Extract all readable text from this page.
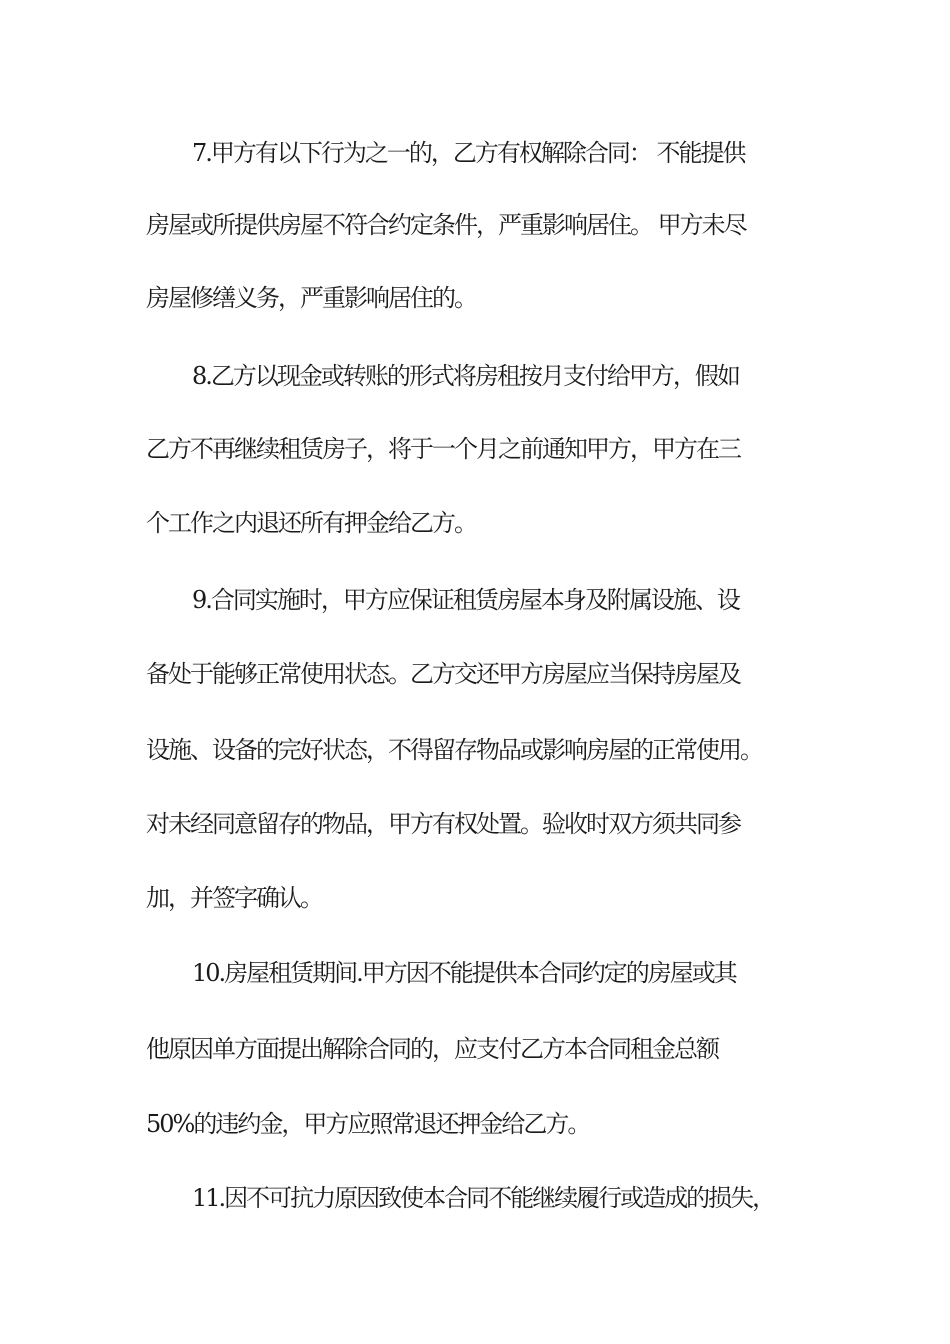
7.甲方有以下行为之一的，乙方有权解除合同： 不能提供
房屋或所提供房屋不符合约定条件，严重影响居住。 甲方未尽
房屋修缮义务，严重影响居住的。
8.乙方以现金或转账的形式将房租按月支付给甲方，假如
乙方不再继续租赁房子，将于一个月之前通知甲方，甲方在三
个工作之内退还所有押金给乙方。
9.合同实施时，甲方应保证租赁房屋本身及附属设施、设
备处于能够正常使用状态。乙方交还甲方房屋应当保持房屋及
设施、设备的完好状态，不得留存物品或影响房屋的正常使用。
对未经同意留存的物品，甲方有权处置。验收时双方须共同参
加，并签字确认。
10.房屋租赁期间.甲方因不能提供本合同约定的房屋或其
他原因单方面提出解除合同的，应支付乙方本合同租金总额
50%的违约金，甲方应照常退还押金给乙方。
11.因不可抗力原因致使本合同不能继续履行或造成的损失，
